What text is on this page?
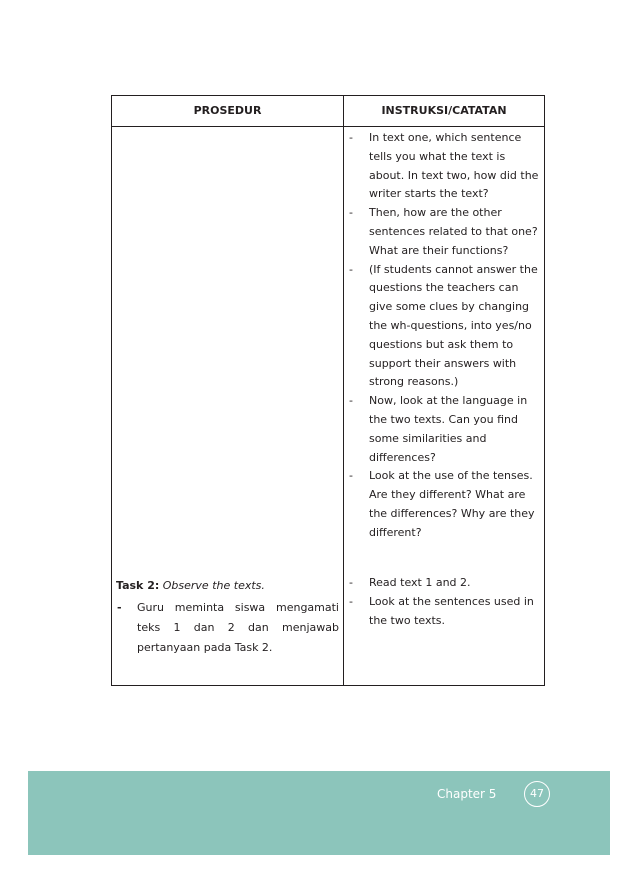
PROSEDUR	INSTRUKSI/CATATAN
- In text one, which sentence tells you what the text is about. In text two, how did the writer starts the text?
- Then, how are the other sentences related to that one? What are their functions?
- (If students cannot answer the questions the teachers can give some clues by changing the wh-questions, into yes/no questions but ask them to support their answers with strong reasons.)
- Now, look at the language in the two texts. Can you find some similarities and differences?
- Look at the use of the tenses. Are they different? What are the differences? Why are they different?
Task 2: Observe the texts.
- Guru meminta siswa mengamati teks 1 dan 2 dan menjawab pertanyaan pada Task 2.
- Read text 1 and 2.
- Look at the sentences used in the two texts.
Chapter 5	47
